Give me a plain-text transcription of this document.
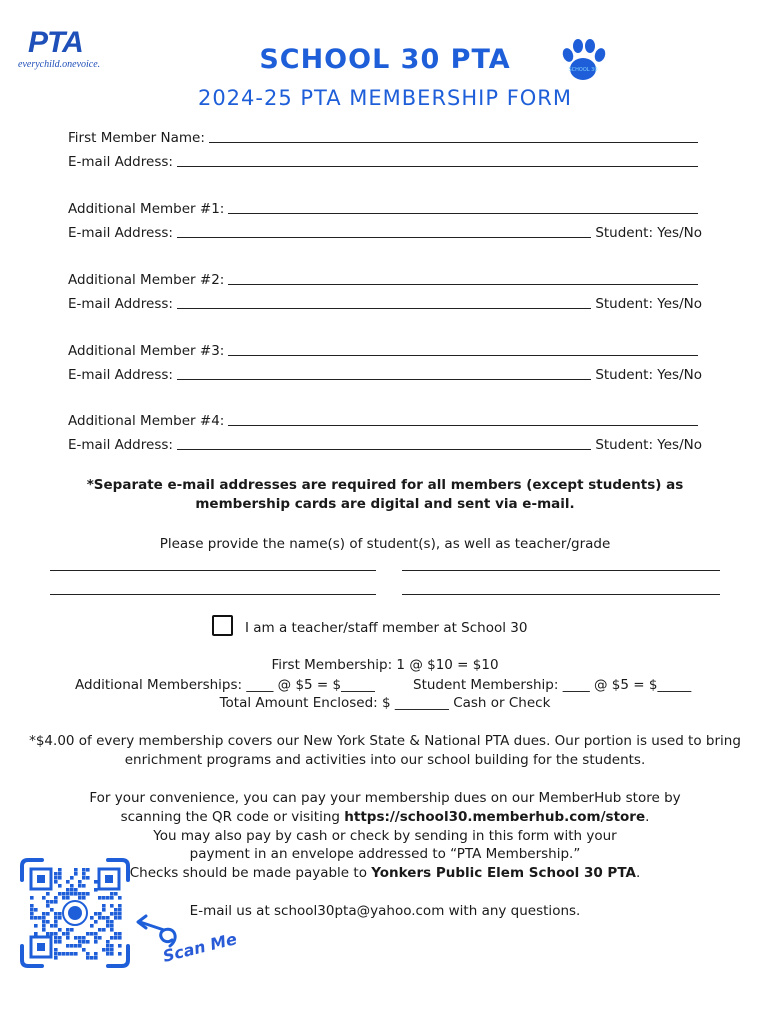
PTA
everychild.onevoice.	SCHOOL 30 PTA	SCHOOL 30
2024-25 PTA MEMBERSHIP FORM
First Member Name:
E-mail Address:
Additional Member #1:
E-mail Address:	Student: Yes/No
Additional Member #2:
E-mail Address:	Student: Yes/No
Additional Member #3:
E-mail Address:	Student: Yes/No
Additional Member #4:
E-mail Address:	Student: Yes/No
*Separate e-mail addresses are required for all members (except students) as membership cards are digital and sent via e-mail.
Please provide the name(s) of student(s), as well as teacher/grade
I am a teacher/staff member at School 30
First Membership: 1 @ $10 = $10
Additional Memberships: ____ @ $5 = $_____	Student Membership: ____ @ $5 = $_____
Total Amount Enclosed: $ ________ Cash or Check
*$4.00 of every membership covers our New York State & National PTA dues. Our portion is used to bring enrichment programs and activities into our school building for the students.
For your convenience, you can pay your membership dues on our MemberHub store by
scanning the QR code or visiting https://school30.memberhub.com/store.
You may also pay by cash or check by sending in this form with your
payment in an envelope addressed to “PTA Membership.”
Checks should be made payable to Yonkers Public Elem School 30 PTA.
E-mail us at school30pta@yahoo.com with any questions.
Scan Me
